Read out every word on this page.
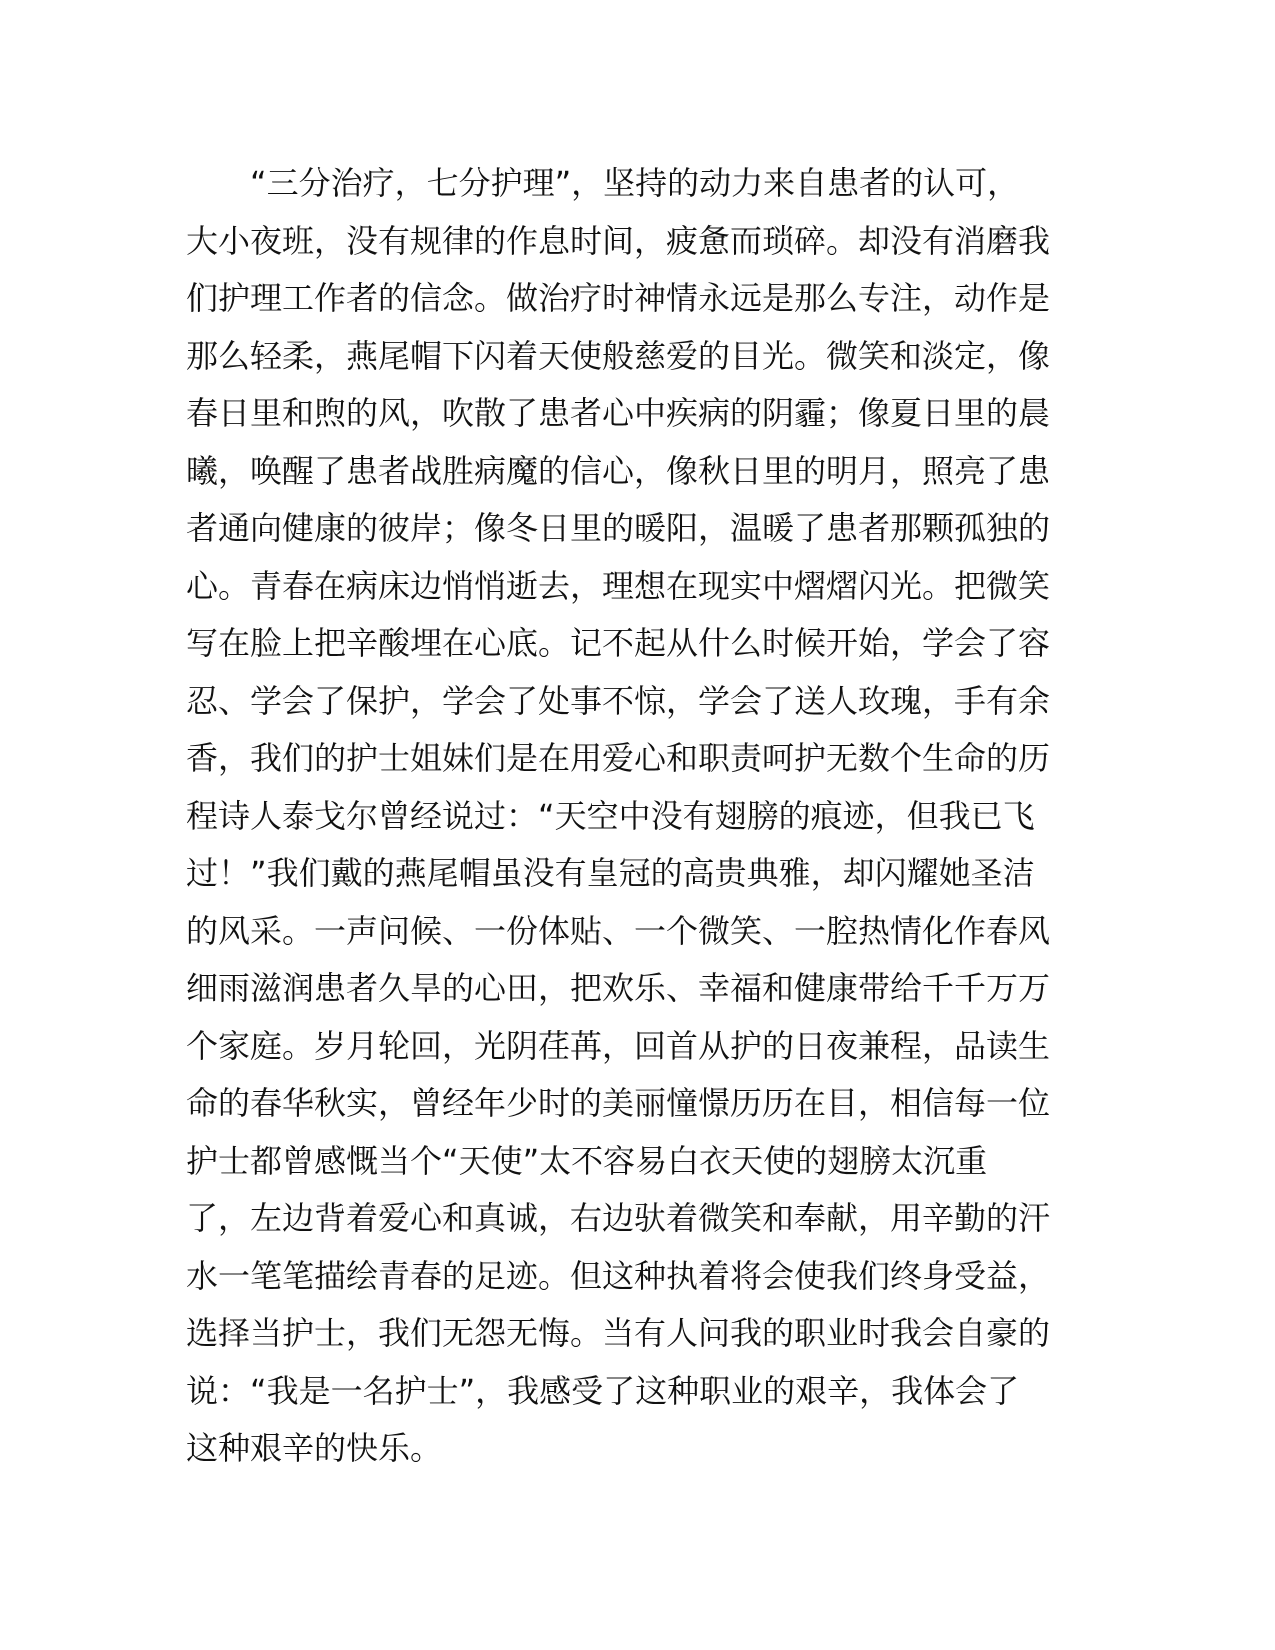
“三分治疗，七分护理”，坚持的动力来自患者的认可，
大小夜班，没有规律的作息时间，疲惫而琐碎。却没有消磨我
们护理工作者的信念。做治疗时神情永远是那么专注，动作是
那么轻柔，燕尾帽下闪着天使般慈爱的目光。微笑和淡定，像
春日里和煦的风，吹散了患者心中疾病的阴霾；像夏日里的晨
曦，唤醒了患者战胜病魔的信心，像秋日里的明月，照亮了患
者通向健康的彼岸；像冬日里的暖阳，温暖了患者那颗孤独的
心。青春在病床边悄悄逝去，理想在现实中熠熠闪光。把微笑
写在脸上把辛酸埋在心底。记不起从什么时候开始，学会了容
忍、学会了保护，学会了处事不惊，学会了送人玫瑰，手有余
香，我们的护士姐妹们是在用爱心和职责呵护无数个生命的历
程诗人泰戈尔曾经说过：“天空中没有翅膀的痕迹，但我已飞
过！”我们戴的燕尾帽虽没有皇冠的高贵典雅，却闪耀她圣洁
的风采。一声问候、一份体贴、一个微笑、一腔热情化作春风
细雨滋润患者久旱的心田，把欢乐、幸福和健康带给千千万万
个家庭。岁月轮回，光阴荏苒，回首从护的日夜兼程，品读生
命的春华秋实，曾经年少时的美丽憧憬历历在目，相信每一位
护士都曾感慨当个“天使”太不容易白衣天使的翅膀太沉重
了，左边背着爱心和真诚，右边驮着微笑和奉献，用辛勤的汗
水一笔笔描绘青春的足迹。但这种执着将会使我们终身受益，
选择当护士，我们无怨无悔。当有人问我的职业时我会自豪的
说：“我是一名护士”，我感受了这种职业的艰辛，我体会了
这种艰辛的快乐。
